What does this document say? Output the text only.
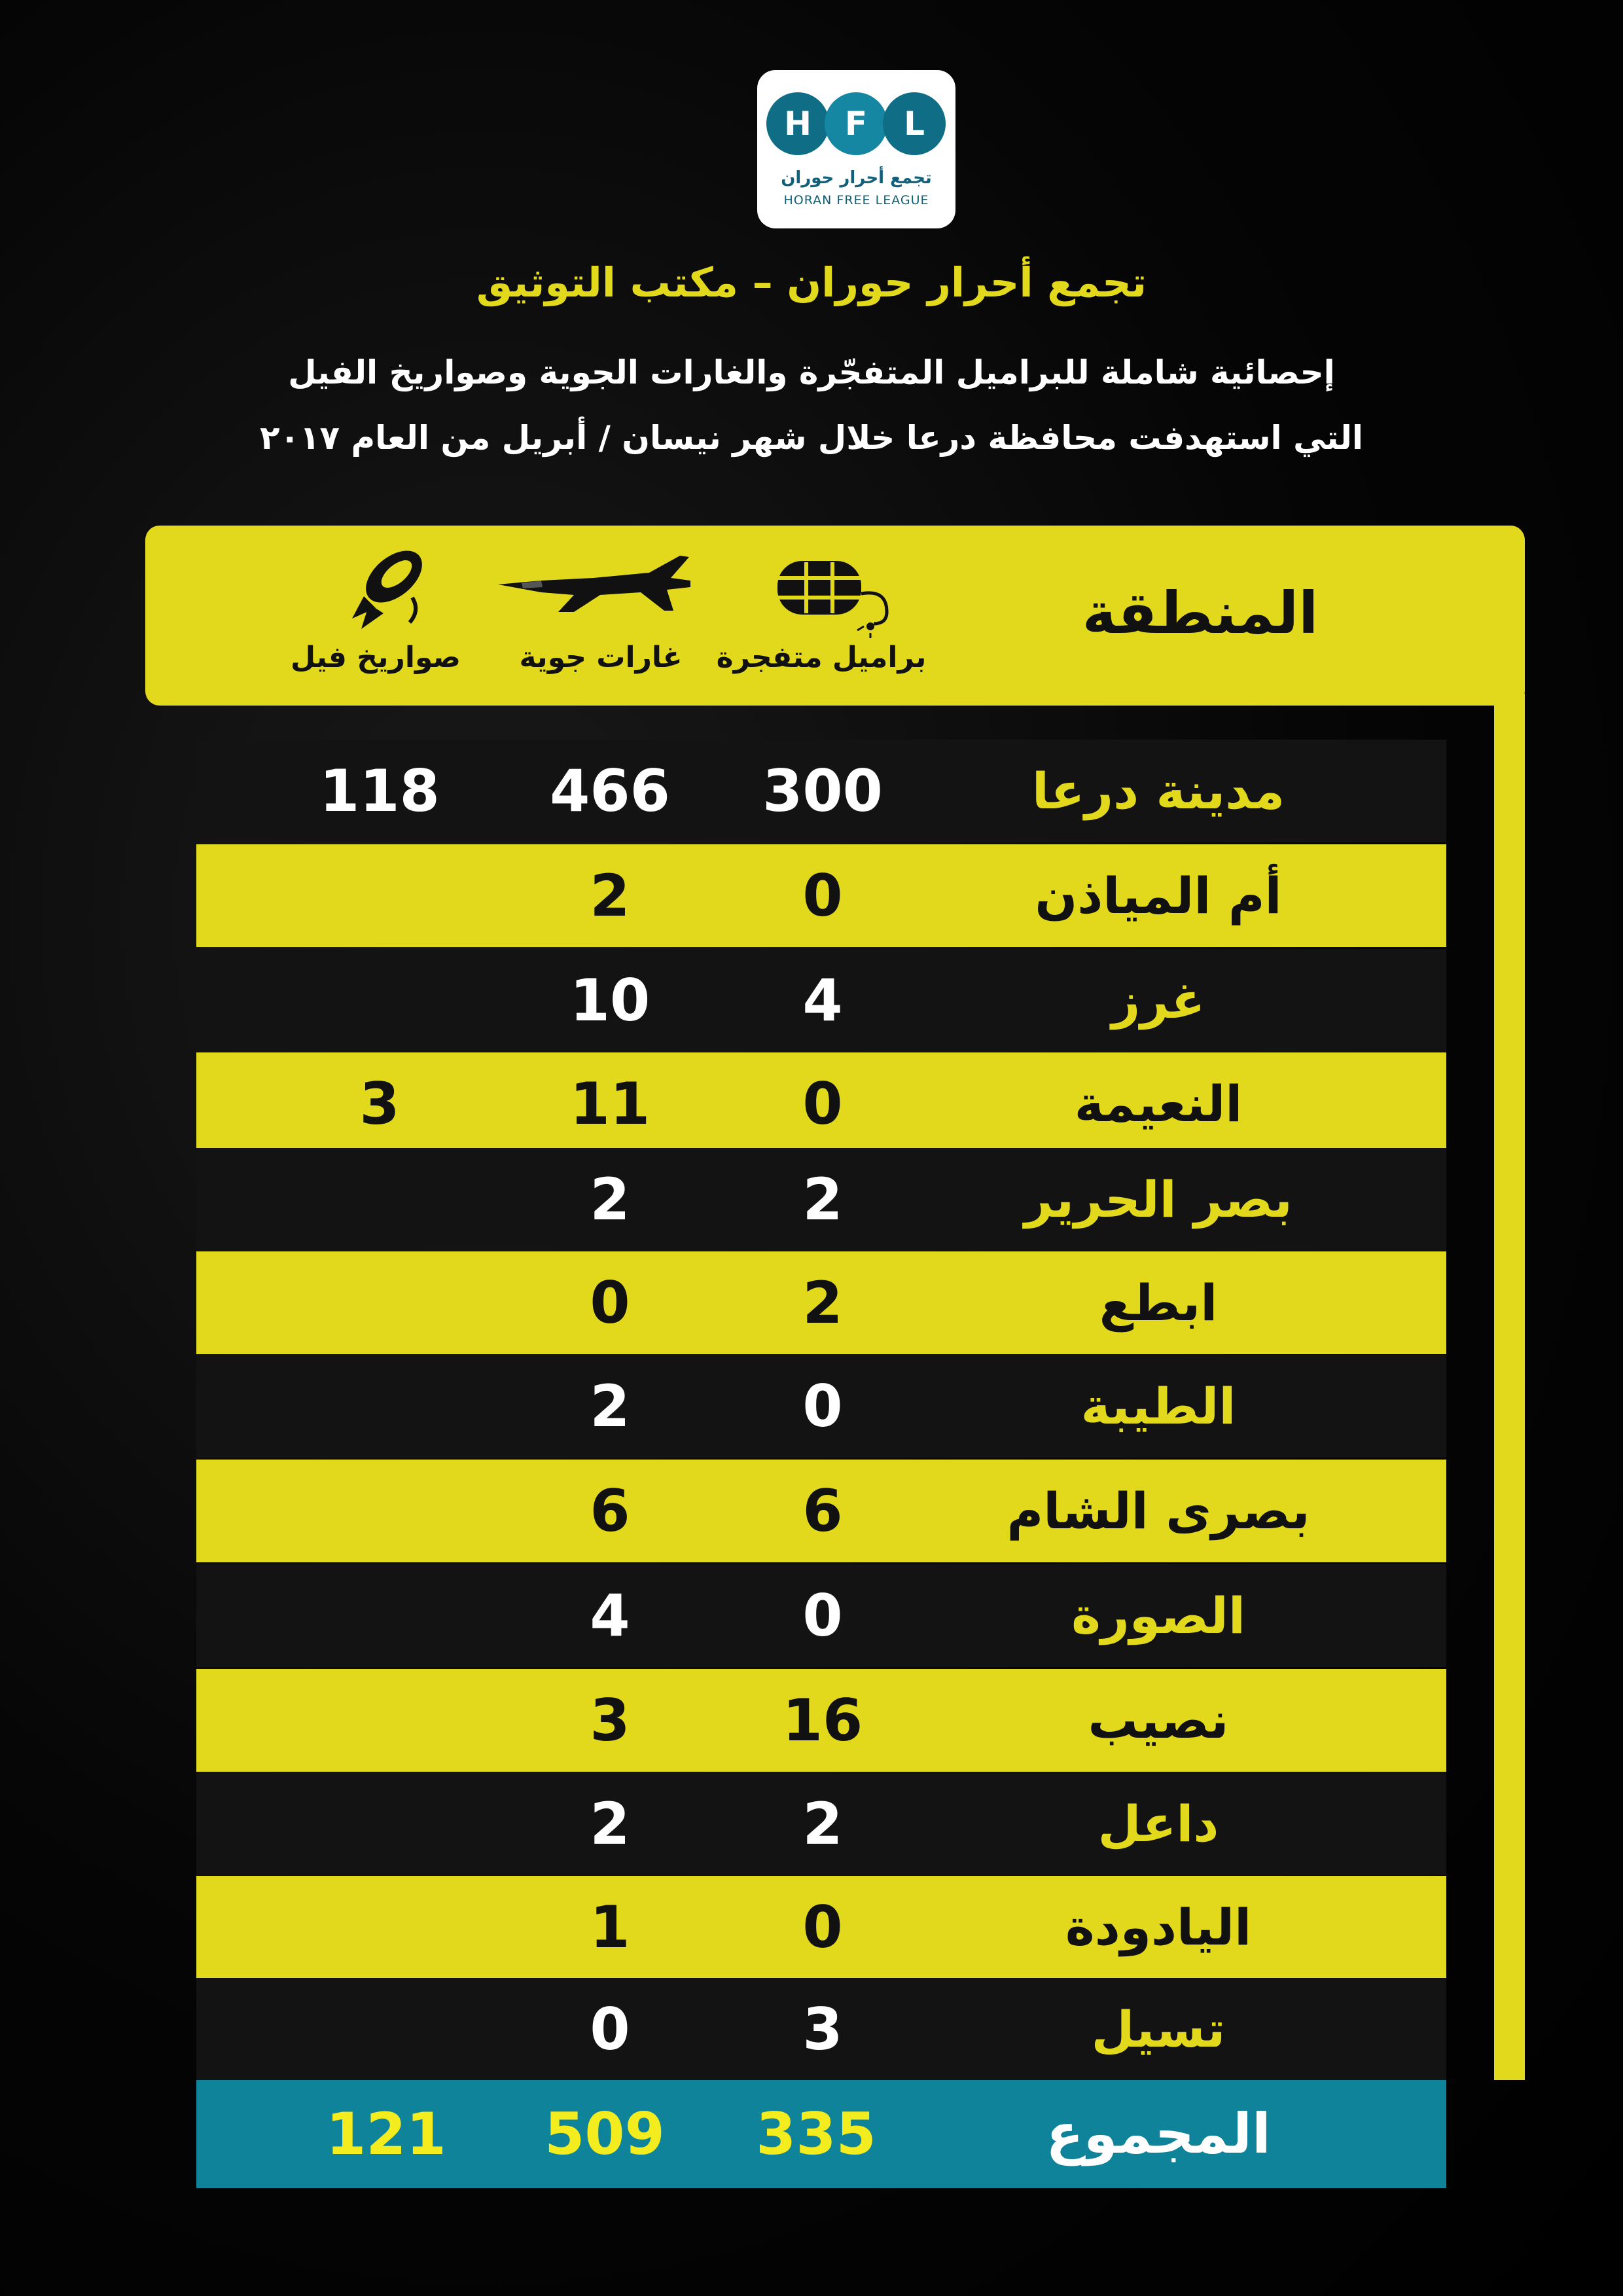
H	F	L
تجمع أحرار حوران
HORAN FREE LEAGUE
تجمع أحرار حوران – مكتب التوثيق
إحصائية شاملة للبراميل المتفجّرة والغارات الجوية وصواريخ الفيل
التي استهدفت محافظة درعا خلال شهر نيسان / أبريل من العام ٢٠١٧
المنطقة
براميل متفجرة
غارات جوية
صواريخ فيل
مدينة درعا
300
466
118
أم المياذن
0
2
غرز
4
10
النعيمة
0
11
3
بصر الحرير
2
2
ابطع
2
0
الطيبة
0
2
بصرى الشام
6
6
الصورة
0
4
نصيب
16
3
داعل
2
2
اليادودة
0
1
تسيل
3
0
المجموع
335
509
121
